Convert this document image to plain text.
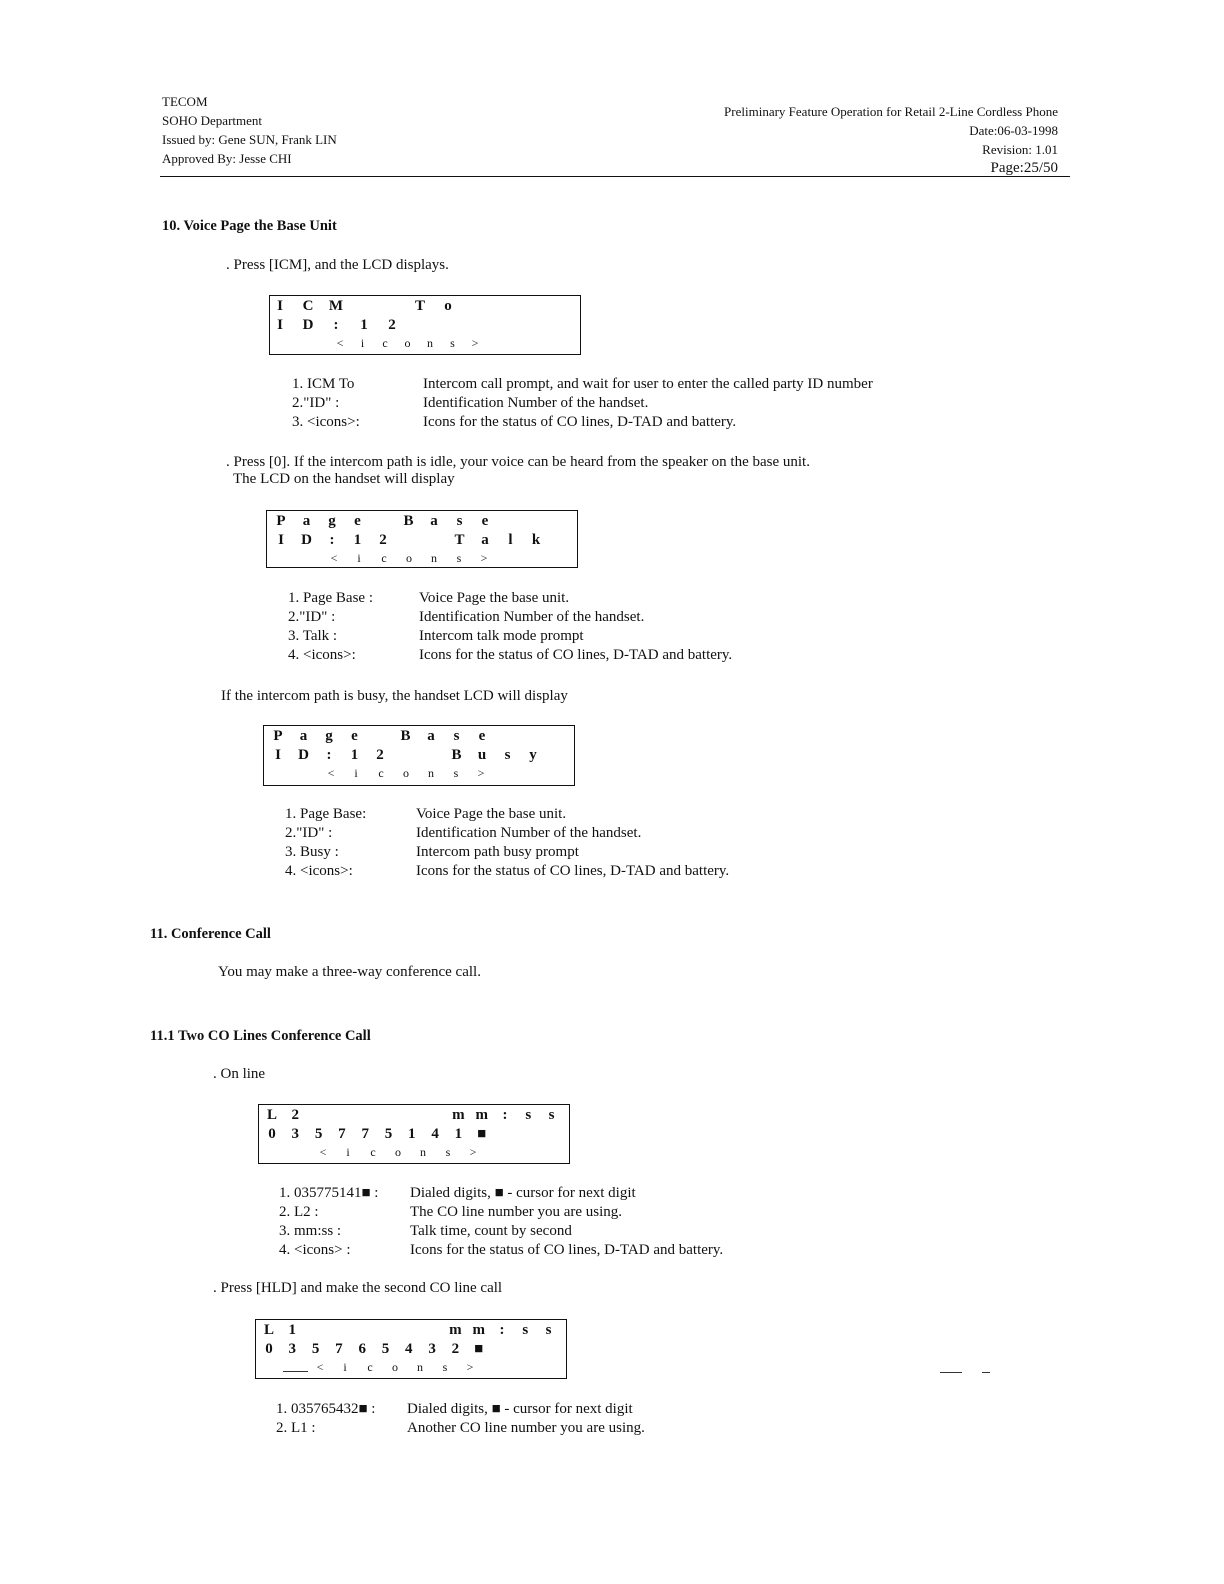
TECOM
SOHO Department
Issued by: Gene SUN, Frank LIN
Approved By: Jesse CHI
Preliminary Feature Operation for Retail 2-Line Cordless Phone
Date:06-03-1998
Revision: 1.01
Page:25/50
10. Voice Page the Base Unit
. Press [ICM], and the LCD displays.
I	C	M	T	o
I	D	:	1	2
<	i	c	o	n	s	>
1. ICM To	Intercom call prompt, and wait for user to enter the called party ID number
2."ID" :	Identification Number of the handset.
3. <icons>:	Icons for the status of CO lines, D-TAD and battery.
. Press [0]. If the intercom path is idle, your voice can be heard from the speaker on the base unit.
The LCD on the handset will display
P	a	g	e	B	a	s	e
I	D	:	1	2	T	a	l	k
<	i	c	o	n	s	>
1. Page Base :	Voice Page the base unit.
2."ID" :	Identification Number of the handset.
3. Talk :	Intercom talk mode prompt
4. <icons>:	Icons for the status of CO lines, D-TAD and battery.
If the intercom path is busy, the handset LCD will display
P	a	g	e	B	a	s	e
I	D	:	1	2	B	u	s	y
<	i	c	o	n	s	>
1. Page Base:	Voice Page the base unit.
2."ID" :	Identification Number of the handset.
3. Busy :	Intercom path busy prompt
4. <icons>:	Icons for the status of CO lines, D-TAD and battery.
11. Conference Call
You may make a three-way conference call.
11.1 Two CO Lines Conference Call
. On line
L 2	m m :	s	s
0	3	5	7	7	5	1	4	1	■
<	i	c	o	n	s	>
1. 035775141■ : Dialed digits, ■ - cursor for next digit
2. L2 :	The CO line number you are using.
3. mm:ss :	Talk time, count by second
4. <icons> :	Icons for the status of CO lines, D-TAD and battery.
. Press [HLD] and make the second CO line call
L 1	m m :	s	s
0	3	5	7	6	5	4	3	2	■
<	i	c	o	n	s	>
1. 035765432■ : Dialed digits, ■ - cursor for next digit
2. L1 :	Another CO line number you are using.
